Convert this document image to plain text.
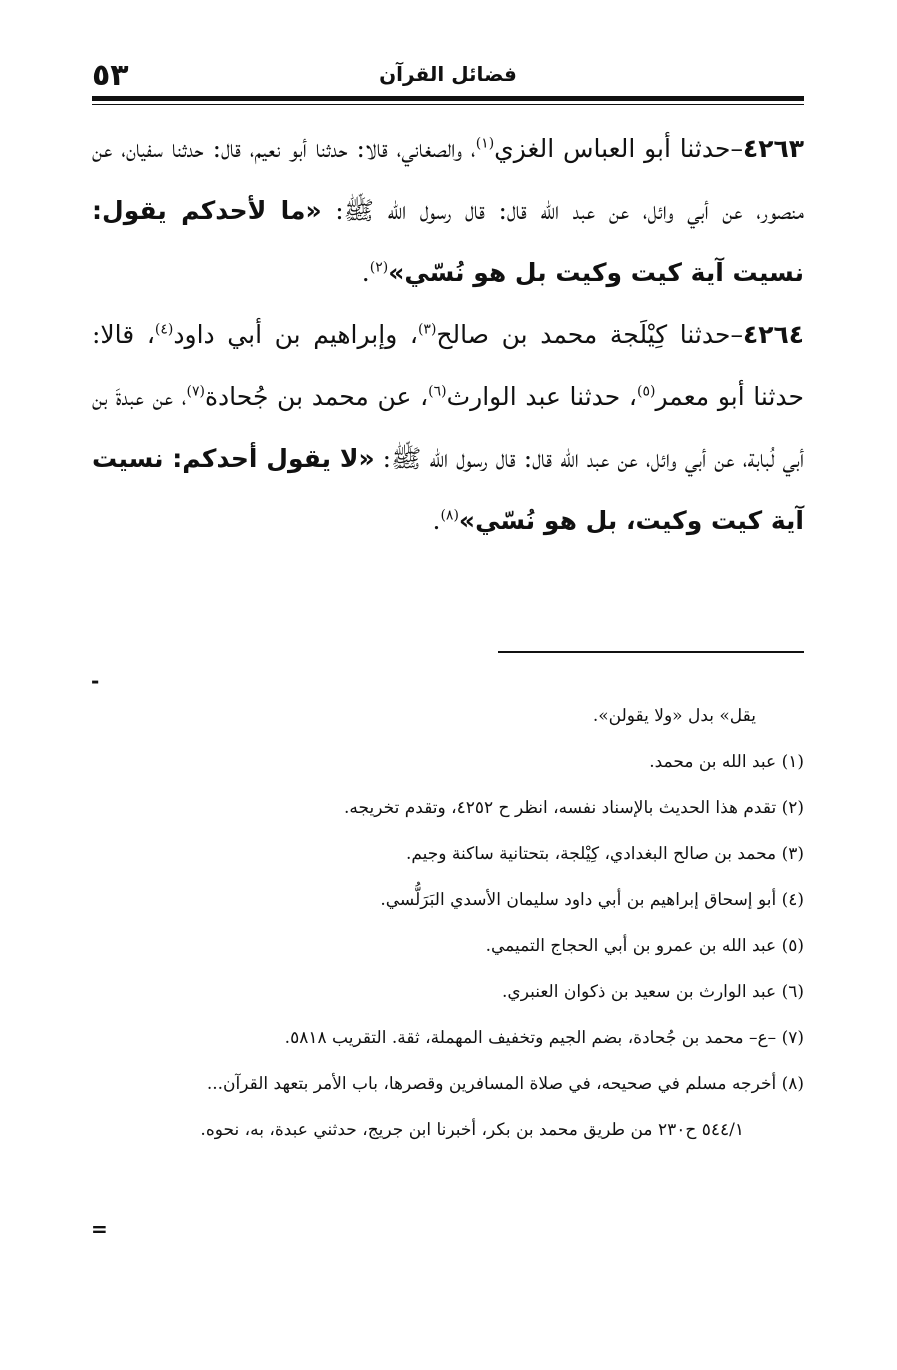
٥٣	فضائل القرآن

٤٢٦٣–حدثنا أبو العباس الغزي$^{(١)}$، والصغاني، قالا: حدثنا أبو نعيم، قال: حدثنا سفيان، عن منصور، عن أبي وائل، عن عبد الله قال: قال رسول الله ﷺ: «ما لأحدكم يقول: نسيت آية كيت وكيت بل هو نُسّي»$^{(٢)}$.

٤٢٦٤–حدثنا كِيْلَجة محمد بن صالح$^{(٣)}$، وإبراهيم بن أبي داود$^{(٤)}$، قالا: حدثنا أبو معمر$^{(٥)}$، حدثنا عبد الوارث$^{(٦)}$، عن محمد بن جُحادة$^{(٧)}$، عن عبدةَ بن أبي لُبابة، عن أبي وائل، عن عبد الله قال: قال رسول الله ﷺ: «لا يقول أحدكم: نسيت آية كيت وكيت، بل هو نُسّي»$^{(٨)}$.

-

يقل» بدل «ولا يقولن».

(١) عبد الله بن محمد.

(٢) تقدم هذا الحديث بالإسناد نفسه، انظر ح ٤٢٥٢، وتقدم تخريجه.

(٣) محمد بن صالح البغدادي، كِيْلجة، بتحتانية ساكنة وجيم.

(٤) أبو إسحاق إبراهيم بن أبي داود سليمان الأسدي البَرَلُّسي.

(٥) عبد الله بن عمرو بن أبي الحجاج التميمي.

(٦) عبد الوارث بن سعيد بن ذكوان العنبري.

(٧) –ع– محمد بن جُحادة، بضم الجيم وتخفيف المهملة، ثقة. التقريب ٥٨١٨.

(٨) أخرجه مسلم في صحيحه، في صلاة المسافرين وقصرها، باب الأمر بتعهد القرآن...

٥٤٤/١ ح٢٣٠ من طريق محمد بن بكر، أخبرنا ابن جريج، حدثني عبدة، به، نحوه.

=
